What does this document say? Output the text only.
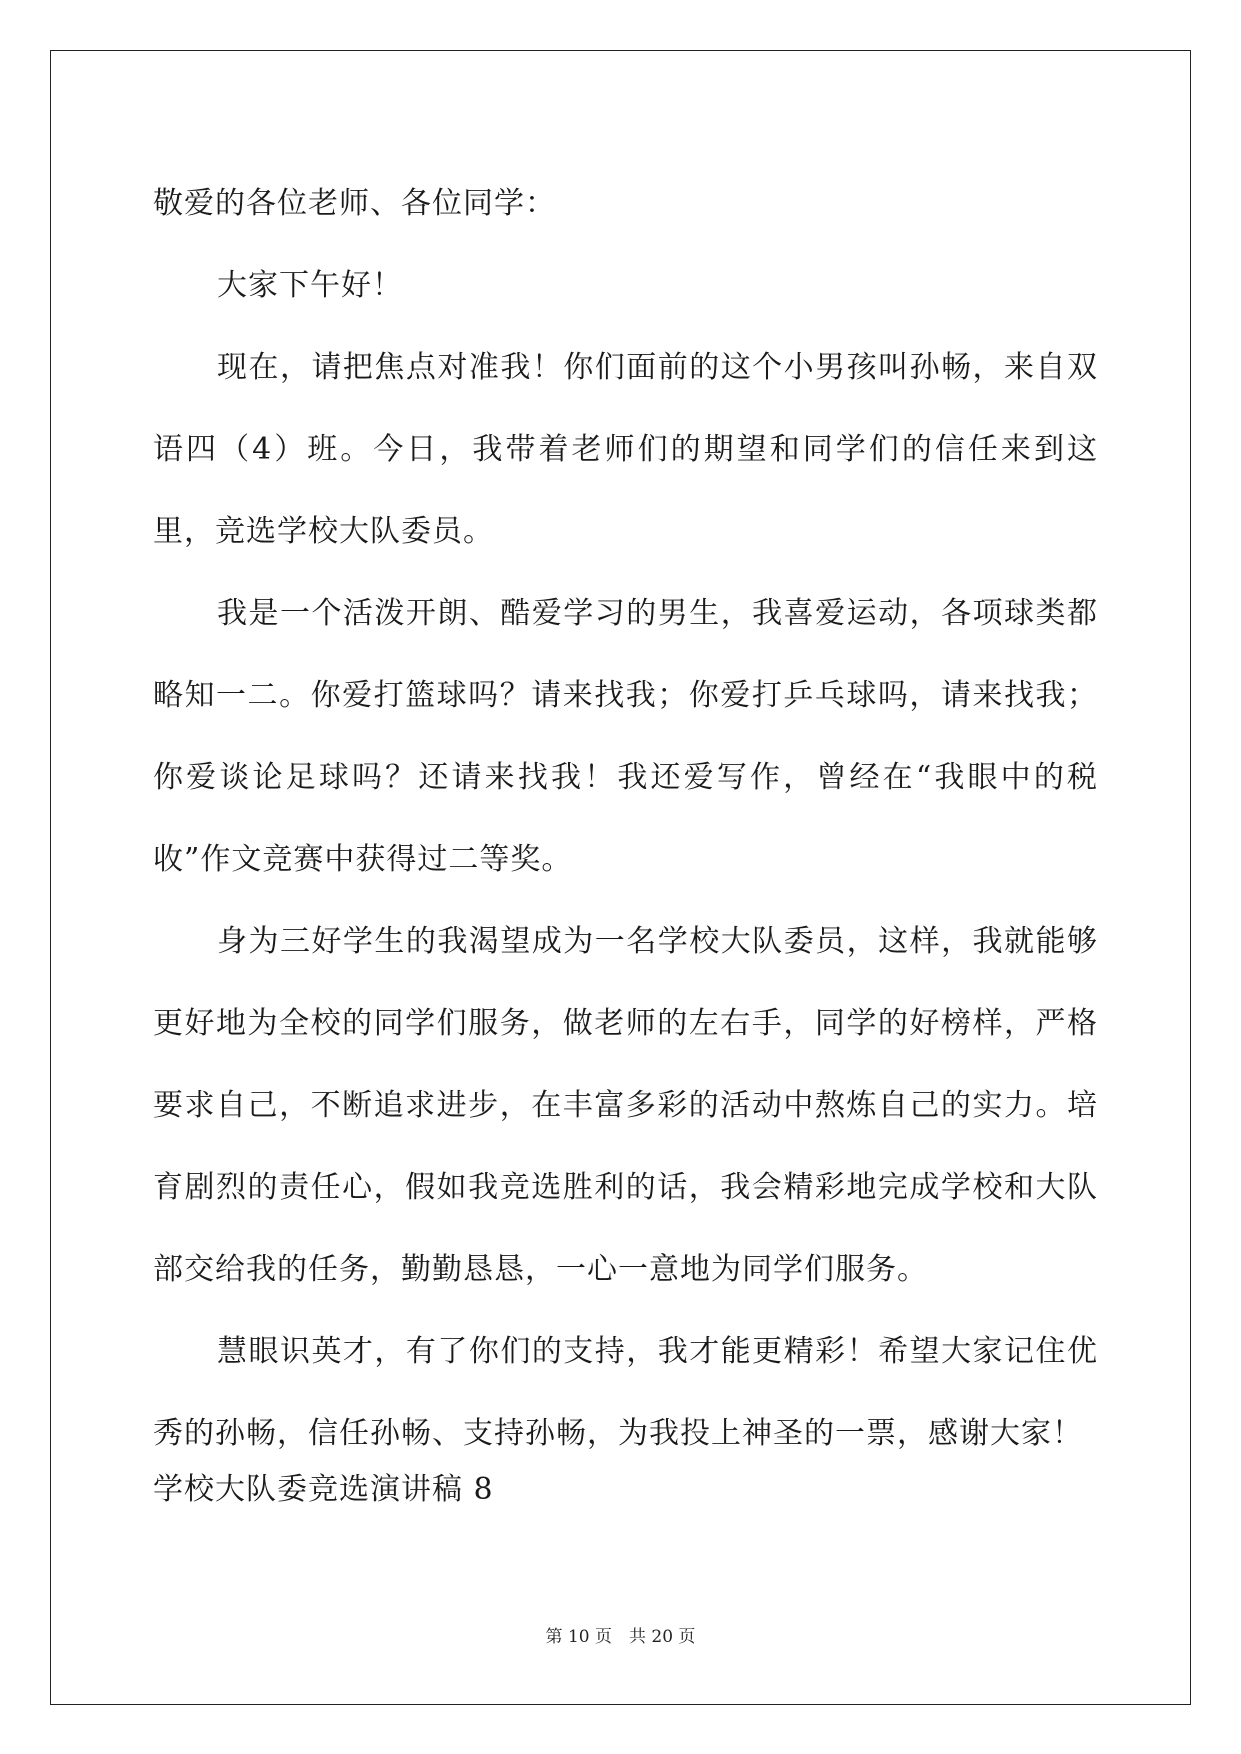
敬爱的各位老师、各位同学：

大家下午好！

现在，请把焦点对准我！你们面前的这个小男孩叫孙畅，来自双语四（4）班。今日，我带着老师们的期望和同学们的信任来到这里，竞选学校大队委员。

我是一个活泼开朗、酷爱学习的男生，我喜爱运动，各项球类都略知一二。你爱打篮球吗？请来找我；你爱打乒乓球吗，请来找我；你爱谈论足球吗？还请来找我！我还爱写作，曾经在“我眼中的税收”作文竞赛中获得过二等奖。

身为三好学生的我渴望成为一名学校大队委员，这样，我就能够更好地为全校的同学们服务，做老师的左右手，同学的好榜样，严格要求自己，不断追求进步，在丰富多彩的活动中熬炼自己的实力。培育剧烈的责任心，假如我竞选胜利的话，我会精彩地完成学校和大队部交给我的任务，勤勤恳恳，一心一意地为同学们服务。

慧眼识英才，有了你们的支持，我才能更精彩！希望大家记住优秀的孙畅，信任孙畅、支持孙畅，为我投上神圣的一票，感谢大家！

学校大队委竞选演讲稿 8

第 10 页　共 20 页
